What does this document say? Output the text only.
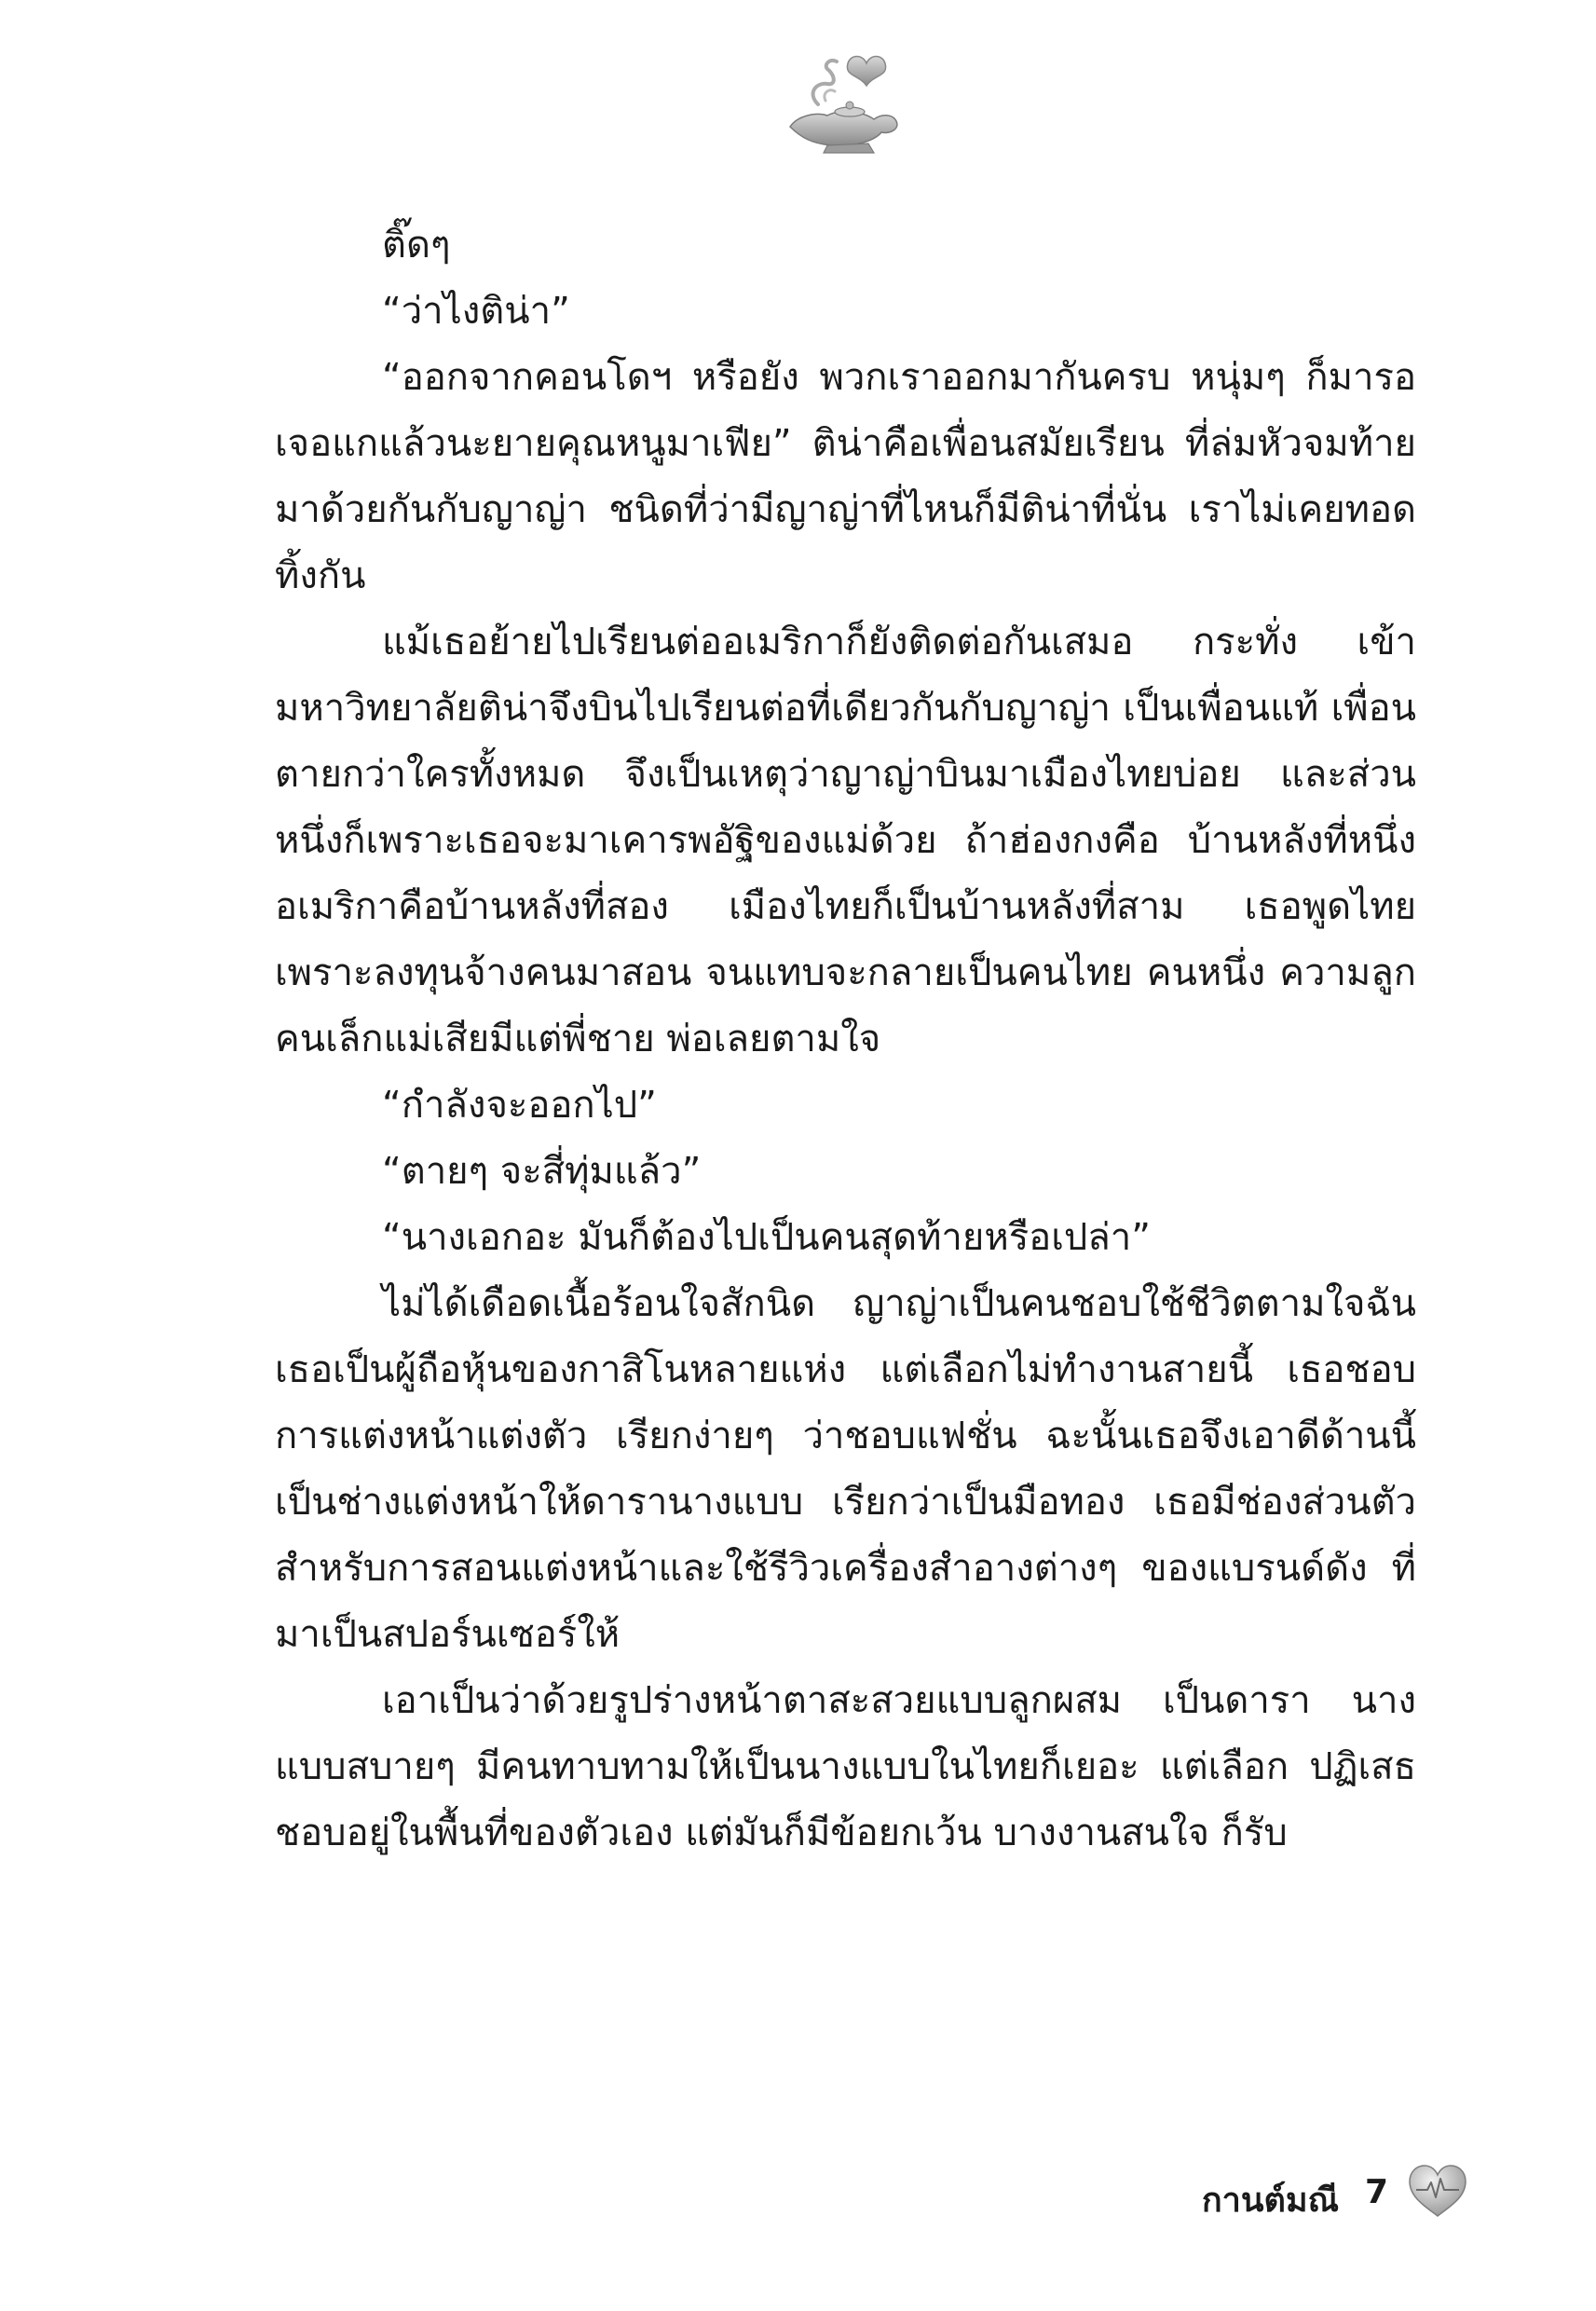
ติ๊ดๆ

“ว่าไงติน่า”

“ออกจากคอนโดฯ หรือยัง พวกเราออกมากันครบ หนุ่มๆ ก็มารอเจอแกแล้วนะยายคุณหนูมาเฟีย” ติน่าคือเพื่อนสมัยเรียน ที่ล่มหัวจมท้ายมาด้วยกันกับญาญ่า ชนิดที่ว่ามีญาญ่าที่ไหนก็มีติน่าที่นั่น เราไม่เคยทอดทิ้งกัน

แม้เธอย้ายไปเรียนต่ออเมริกาก็ยังติดต่อกันเสมอ กระทั่ง เข้ามหาวิทยาลัยติน่าจึงบินไปเรียนต่อที่เดียวกันกับญาญ่า เป็นเพื่อนแท้ เพื่อนตายกว่าใครทั้งหมด จึงเป็นเหตุว่าญาญ่าบินมาเมืองไทยบ่อย และส่วนหนึ่งก็เพราะเธอจะมาเคารพอัฐิของแม่ด้วย ถ้าฮ่องกงคือ บ้านหลังที่หนึ่ง อเมริกาคือบ้านหลังที่สอง เมืองไทยก็เป็นบ้านหลังที่สาม เธอพูดไทย เพราะลงทุนจ้างคนมาสอน จนแทบจะกลายเป็นคนไทย คนหนึ่ง ความลูกคนเล็กแม่เสียมีแต่พี่ชาย พ่อเลยตามใจ

“กำลังจะออกไป”

“ตายๆ จะสี่ทุ่มแล้ว”

“นางเอกอะ มันก็ต้องไปเป็นคนสุดท้ายหรือเปล่า”

ไม่ได้เดือดเนื้อร้อนใจสักนิด ญาญ่าเป็นคนชอบใช้ชีวิตตามใจฉัน เธอเป็นผู้ถือหุ้นของกาสิโนหลายแห่ง แต่เลือกไม่ทำงานสายนี้ เธอชอบ การแต่งหน้าแต่งตัว เรียกง่ายๆ ว่าชอบแฟชั่น ฉะนั้นเธอจึงเอาดีด้านนี้ เป็นช่างแต่งหน้าให้ดารานางแบบ เรียกว่าเป็นมือทอง เธอมีช่องส่วนตัว สำหรับการสอนแต่งหน้าและใช้รีวิวเครื่องสำอางต่างๆ ของแบรนด์ดัง ที่มาเป็นสปอร์นเซอร์ให้

เอาเป็นว่าด้วยรูปร่างหน้าตาสะสวยแบบลูกผสม เป็นดารา นางแบบสบายๆ มีคนทาบทามให้เป็นนางแบบในไทยก็เยอะ แต่เลือก ปฏิเสธ ชอบอยู่ในพื้นที่ของตัวเอง แต่มันก็มีข้อยกเว้น บางงานสนใจ ก็รับ

กานต์มณี 7
